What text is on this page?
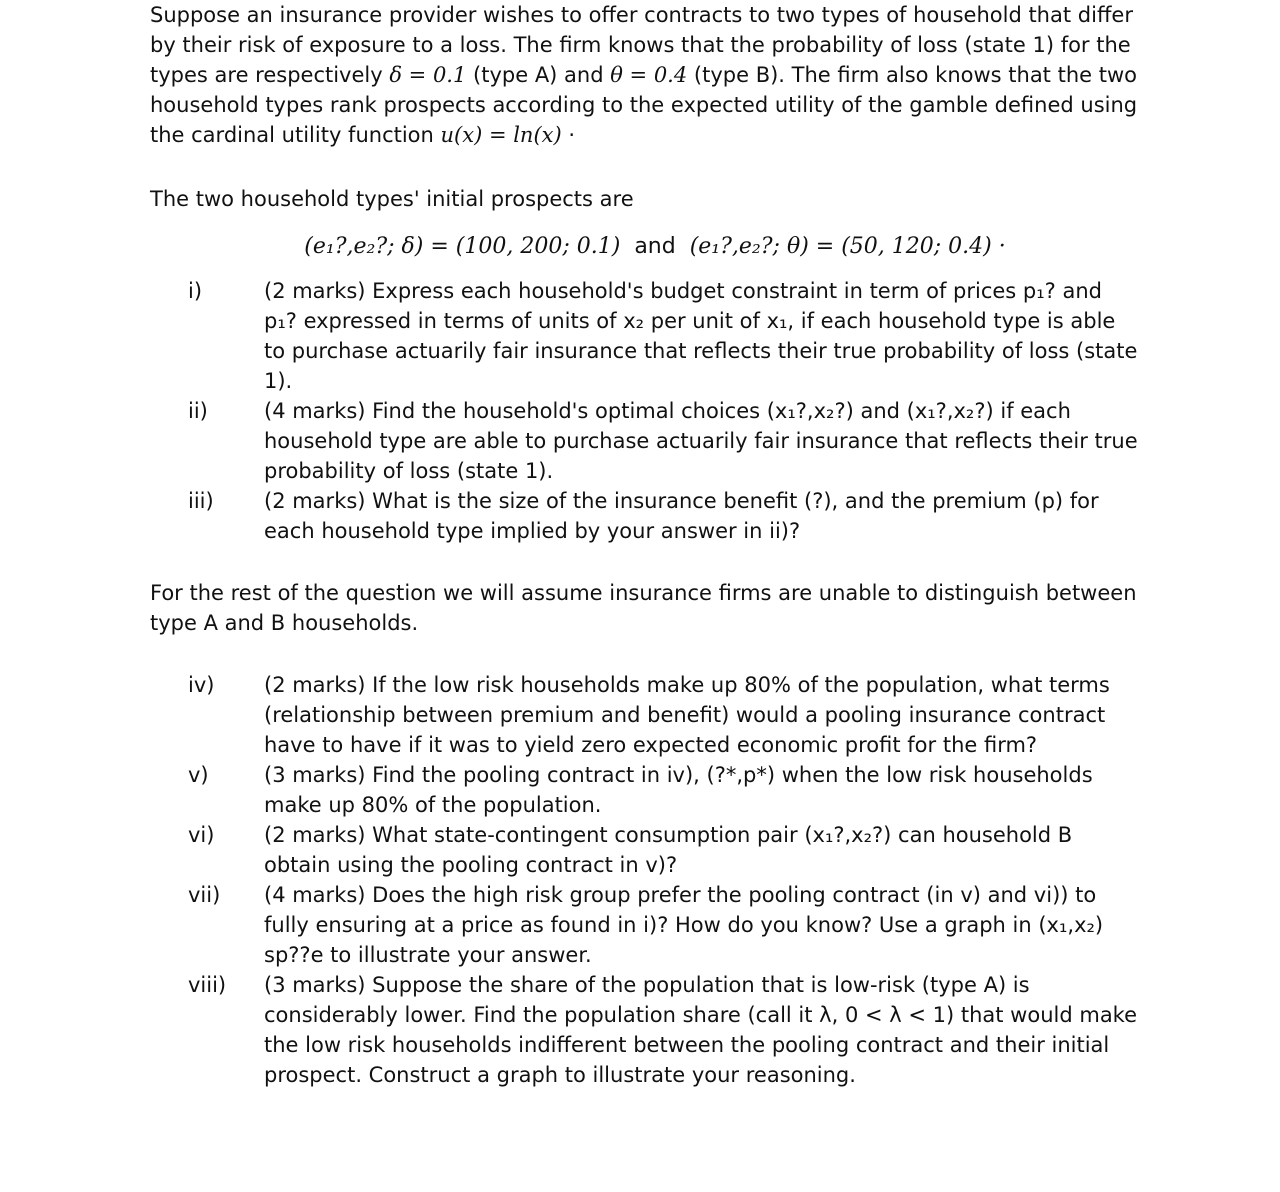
Suppose an insurance provider wishes to offer contracts to two types of household that differ
by their risk of exposure to a loss. The firm knows that the probability of loss (state 1) for the
types are respectively δ = 0.1 (type A) and θ = 0.4 (type B). The firm also knows that the two
household types rank prospects according to the expected utility of the gamble defined using
the cardinal utility function u(x) = ln(x) ·

The two household types' initial prospects are

(e₁?,e₂?; δ) = (100, 200; 0.1) and (e₁?,e₂?; θ) = (50, 120; 0.4) ·
i)	(2 marks) Express each household's budget constraint in term of prices p₁? and p₁? expressed in terms of units of x₂ per unit of x₁, if each household type is able to purchase actuarily fair insurance that reflects their true probability of loss (state 1).
ii)	(4 marks) Find the household's optimal choices (x₁?,x₂?) and (x₁?,x₂?) if each household type are able to purchase actuarily fair insurance that reflects their true probability of loss (state 1).
iii)	(2 marks) What is the size of the insurance benefit (?), and the premium (p) for each household type implied by your answer in ii)?

For the rest of the question we will assume insurance firms are unable to distinguish between type A and B households.

iv)	(2 marks) If the low risk households make up 80% of the population, what terms (relationship between premium and benefit) would a pooling insurance contract have to have if it was to yield zero expected economic profit for the firm?
v)	(3 marks) Find the pooling contract in iv), (?*,p*) when the low risk households make up 80% of the population.
vi)	(2 marks) What state-contingent consumption pair (x₁?,x₂?) can household B obtain using the pooling contract in v)?
vii)	(4 marks) Does the high risk group prefer the pooling contract (in v) and vi)) to fully ensuring at a price as found in i)? How do you know? Use a graph in (x₁,x₂) sp??e to illustrate your answer.
viii)	(3 marks) Suppose the share of the population that is low-risk (type A) is considerably lower. Find the population share (call it λ, 0 < λ < 1) that would make the low risk households indifferent between the pooling contract and their initial prospect. Construct a graph to illustrate your reasoning.
